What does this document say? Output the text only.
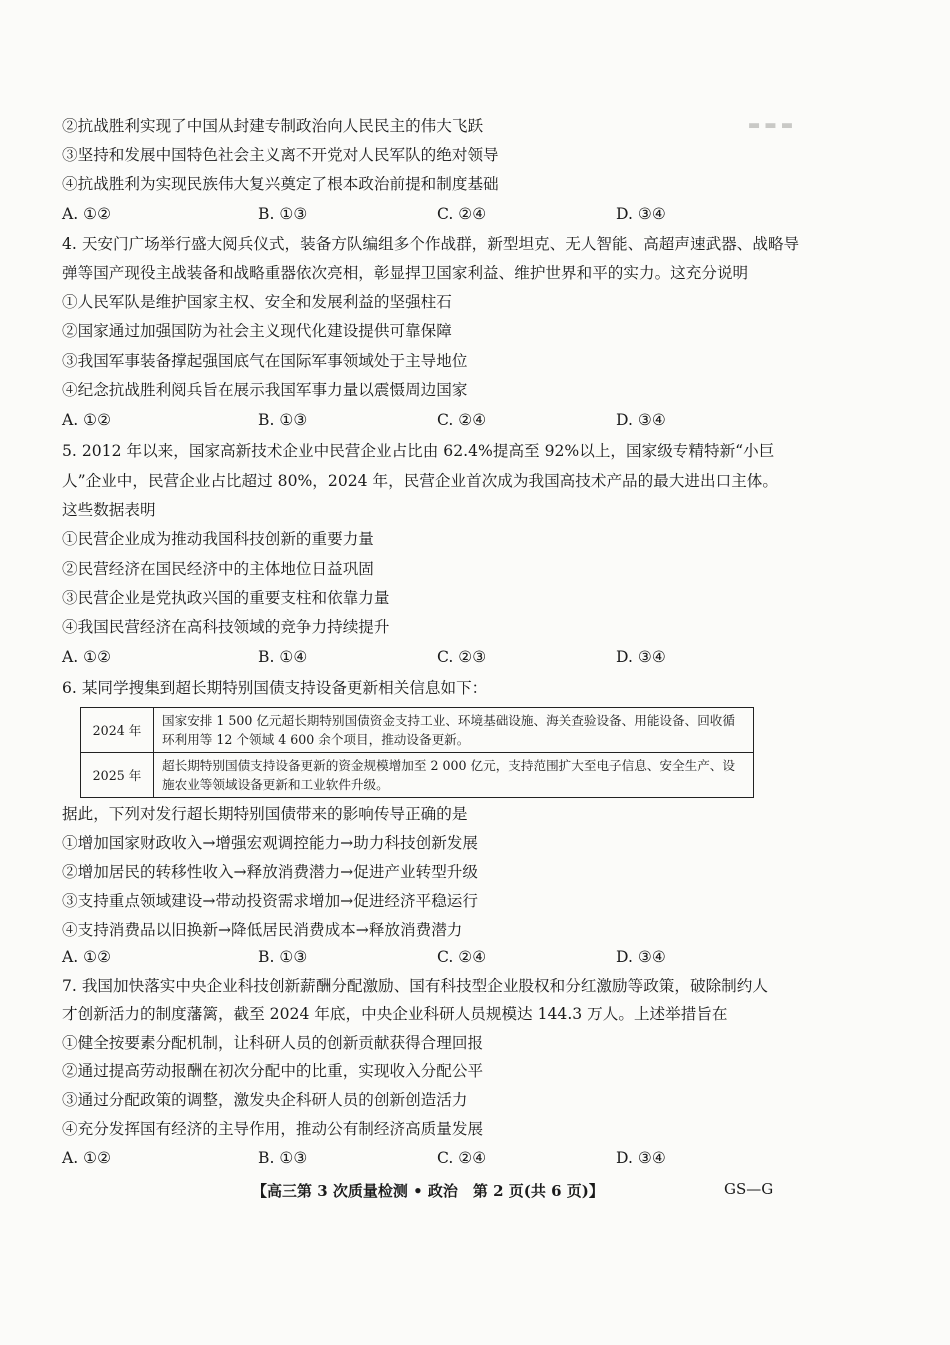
▬ ▬ ▬
②抗战胜利实现了中国从封建专制政治向人民民主的伟大飞跃
③坚持和发展中国特色社会主义离不开党对人民军队的绝对领导
④抗战胜利为实现民族伟大复兴奠定了根本政治前提和制度基础
A. ①②	B. ①③	C. ②④	D. ③④
4. 天安门广场举行盛大阅兵仪式，装备方队编组多个作战群，新型坦克、无人智能、高超声速武器、战略导
弹等国产现役主战装备和战略重器依次亮相，彰显捍卫国家利益、维护世界和平的实力。这充分说明
①人民军队是维护国家主权、安全和发展利益的坚强柱石
②国家通过加强国防为社会主义现代化建设提供可靠保障
③我国军事装备撑起强国底气在国际军事领域处于主导地位
④纪念抗战胜利阅兵旨在展示我国军事力量以震慑周边国家
A. ①②	B. ①③	C. ②④	D. ③④
5. 2012 年以来，国家高新技术企业中民营企业占比由 62.4%提高至 92%以上，国家级专精特新“小巨
人”企业中，民营企业占比超过 80%，2024 年，民营企业首次成为我国高技术产品的最大进出口主体。
这些数据表明
①民营企业成为推动我国科技创新的重要力量
②民营经济在国民经济中的主体地位日益巩固
③民营企业是党执政兴国的重要支柱和依靠力量
④我国民营经济在高科技领域的竞争力持续提升
A. ①②	B. ①④	C. ②③	D. ③④
6. 某同学搜集到超长期特别国债支持设备更新相关信息如下：
2024 年	国家安排 1 500 亿元超长期特别国债资金支持工业、环境基础设施、海关查验设备、用能设备、回收循环利用等 12 个领域 4 600 余个项目，推动设备更新。
2025 年	超长期特别国债支持设备更新的资金规模增加至 2 000 亿元，支持范围扩大至电子信息、安全生产、设施农业等领域设备更新和工业软件升级。
据此，下列对发行超长期特别国债带来的影响传导正确的是
①增加国家财政收入→增强宏观调控能力→助力科技创新发展
②增加居民的转移性收入→释放消费潜力→促进产业转型升级
③支持重点领域建设→带动投资需求增加→促进经济平稳运行
④支持消费品以旧换新→降低居民消费成本→释放消费潜力
A. ①②	B. ①③	C. ②④	D. ③④
7. 我国加快落实中央企业科技创新薪酬分配激励、国有科技型企业股权和分红激励等政策，破除制约人
才创新活力的制度藩篱，截至 2024 年底，中央企业科研人员规模达 144.3 万人。上述举措旨在
①健全按要素分配机制，让科研人员的创新贡献获得合理回报
②通过提高劳动报酬在初次分配中的比重，实现收入分配公平
③通过分配政策的调整，激发央企科研人员的创新创造活力
④充分发挥国有经济的主导作用，推动公有制经济高质量发展
A. ①②	B. ①③	C. ②④	D. ③④
【高三第 3 次质量检测 • 政治　第 2 页(共 6 页)】	GS—G
